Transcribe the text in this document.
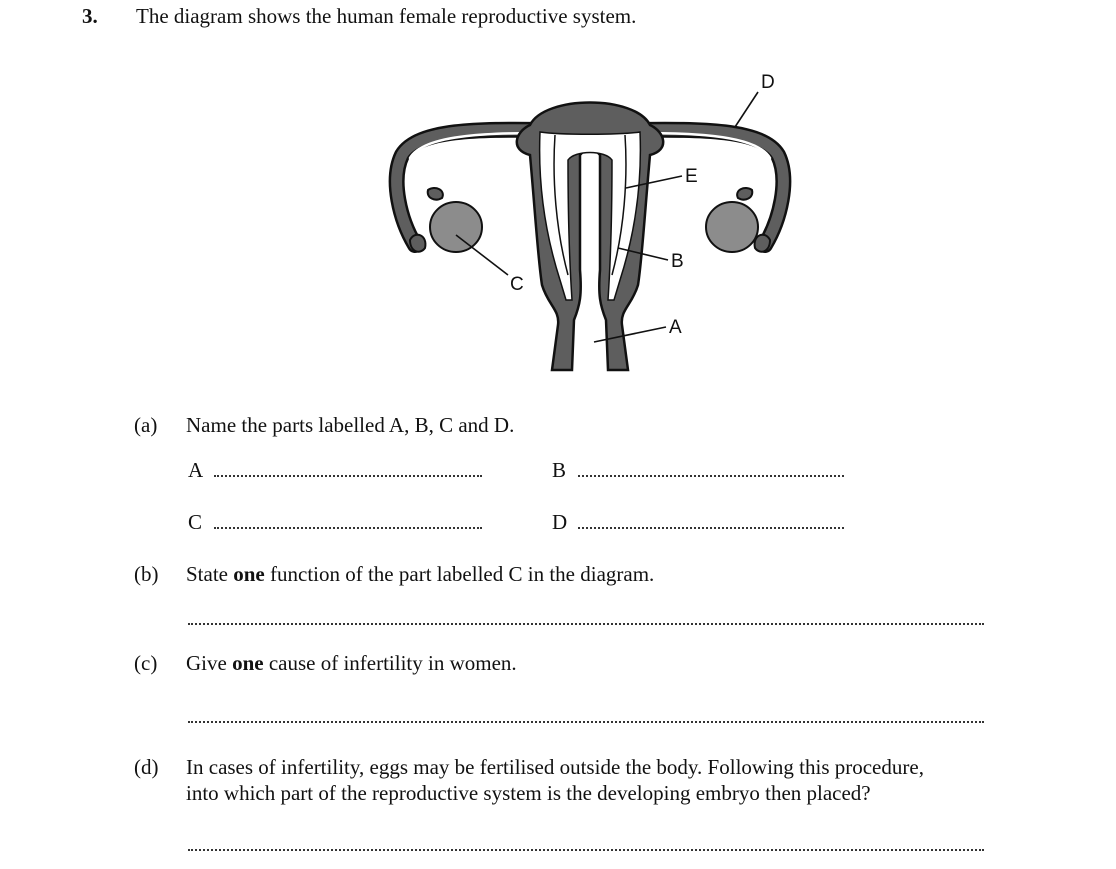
3. The diagram shows the human female reproductive system.
D
E
B
C
A
(a) Name the parts labelled A, B, C and D.
A	B
C	D
(b) State one function of the part labelled C in the diagram.
(c) Give one cause of infertility in women.
(d) In cases of infertility, eggs may be fertilised outside the body. Following this procedure,
into which part of the reproductive system is the developing embryo then placed?
